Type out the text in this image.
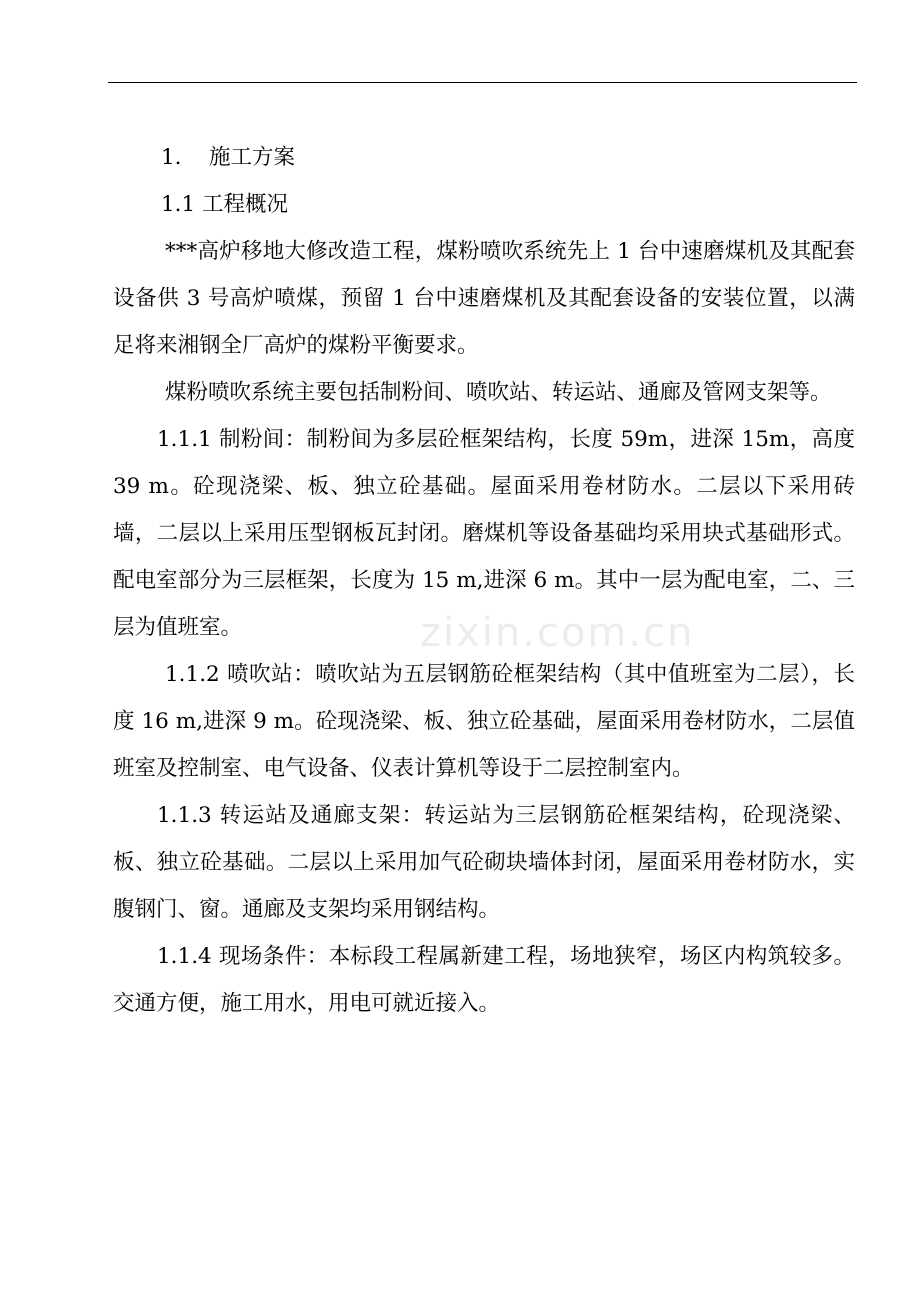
1. 施工方案
1.1 工程概况

***高炉移地大修改造工程，煤粉喷吹系统先上 1 台中速磨煤机及其配套设备供 3 号高炉喷煤，预留 1 台中速磨煤机及其配套设备的安装位置，以满足将来湘钢全厂高炉的煤粉平衡要求。

煤粉喷吹系统主要包括制粉间、喷吹站、转运站、通廊及管网支架等。

1.1.1 制粉间：制粉间为多层砼框架结构，长度 59m，进深 15m，高度 39 m。砼现浇梁、板、独立砼基础。屋面采用卷材防水。二层以下采用砖墙，二层以上采用压型钢板瓦封闭。磨煤机等设备基础均采用块式基础形式。配电室部分为三层框架，长度为 15 m,进深 6 m。其中一层为配电室，二、三层为值班室。

1.1.2 喷吹站：喷吹站为五层钢筋砼框架结构（其中值班室为二层），长度 16 m,进深 9 m。砼现浇梁、板、独立砼基础，屋面采用卷材防水，二层值班室及控制室、电气设备、仪表计算机等设于二层控制室内。

1.1.3 转运站及通廊支架：转运站为三层钢筋砼框架结构，砼现浇梁、板、独立砼基础。二层以上采用加气砼砌块墙体封闭，屋面采用卷材防水，实腹钢门、窗。通廊及支架均采用钢结构。

1.1.4 现场条件：本标段工程属新建工程，场地狭窄，场区内构筑较多。交通方便，施工用水，用电可就近接入。

zixin.com.cn
